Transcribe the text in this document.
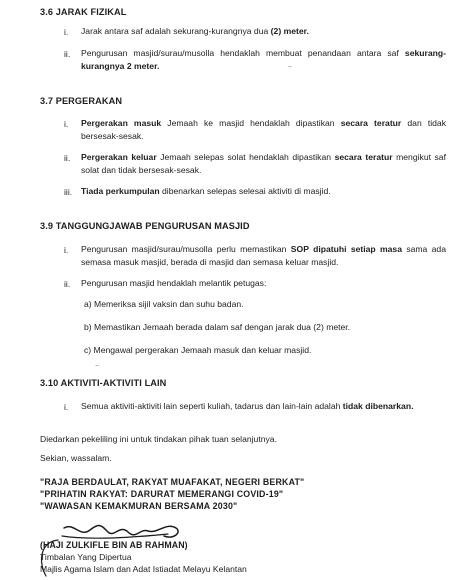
3.6 JARAK FIZIKAL
i. Jarak antara saf adalah sekurang-kurangnya dua (2) meter.
ii. Pengurusan masjid/surau/musolla hendaklah membuat penandaan antara saf sekurang-kurangnya 2 meter.	⁻
3.7 PERGERAKAN
i. Pergerakan masuk Jemaah ke masjid hendaklah dipastikan secara teratur dan tidak bersesak-sesak.
ii. Pergerakan keluar Jemaah selepas solat hendaklah dipastikan secara teratur mengikut saf solat dan tidak bersesak-sesak.
iii. Tiada perkumpulan dibenarkan selepas selesai aktiviti di masjid.
3.9 TANGGUNGJAWAB PENGURUSAN MASJID
i. Pengurusan masjid/surau/musolla perlu memastikan SOP dipatuhi setiap masa sama ada semasa masuk masjid, berada di masjid dan semasa keluar masjid.
ii. Pengurusan masjid hendaklah melantik petugas:
a) Memeriksa sijil vaksin dan suhu badan.
b) Memastikan Jemaah berada dalam saf dengan jarak dua (2) meter.
c) Mengawal pergerakan Jemaah masuk dan keluar masjid.
⁻
3.10 AKTIVITI-AKTIVITI LAIN
i. Semua aktiviti-aktiviti lain seperti kuliah, tadarus dan lain-lain adalah tidak dibenarkan.
Diedarkan pekeliling ini untuk tindakan pihak tuan selanjutnya.
Sekian, wassalam.
"RAJA BERDAULAT, RAKYAT MUAFAKAT, NEGERI BERKAT"
"PRIHATIN RAKYAT: DARURAT MEMERANGI COVID-19"
"WAWASAN KEMAKMURAN BERSAMA 2030"
(HAJI ZULKIFLE BIN AB RAHMAN)
Timbalan Yang Dipertua
Majlis Agama Islam dan Adat Istiadat Melayu Kelantan
